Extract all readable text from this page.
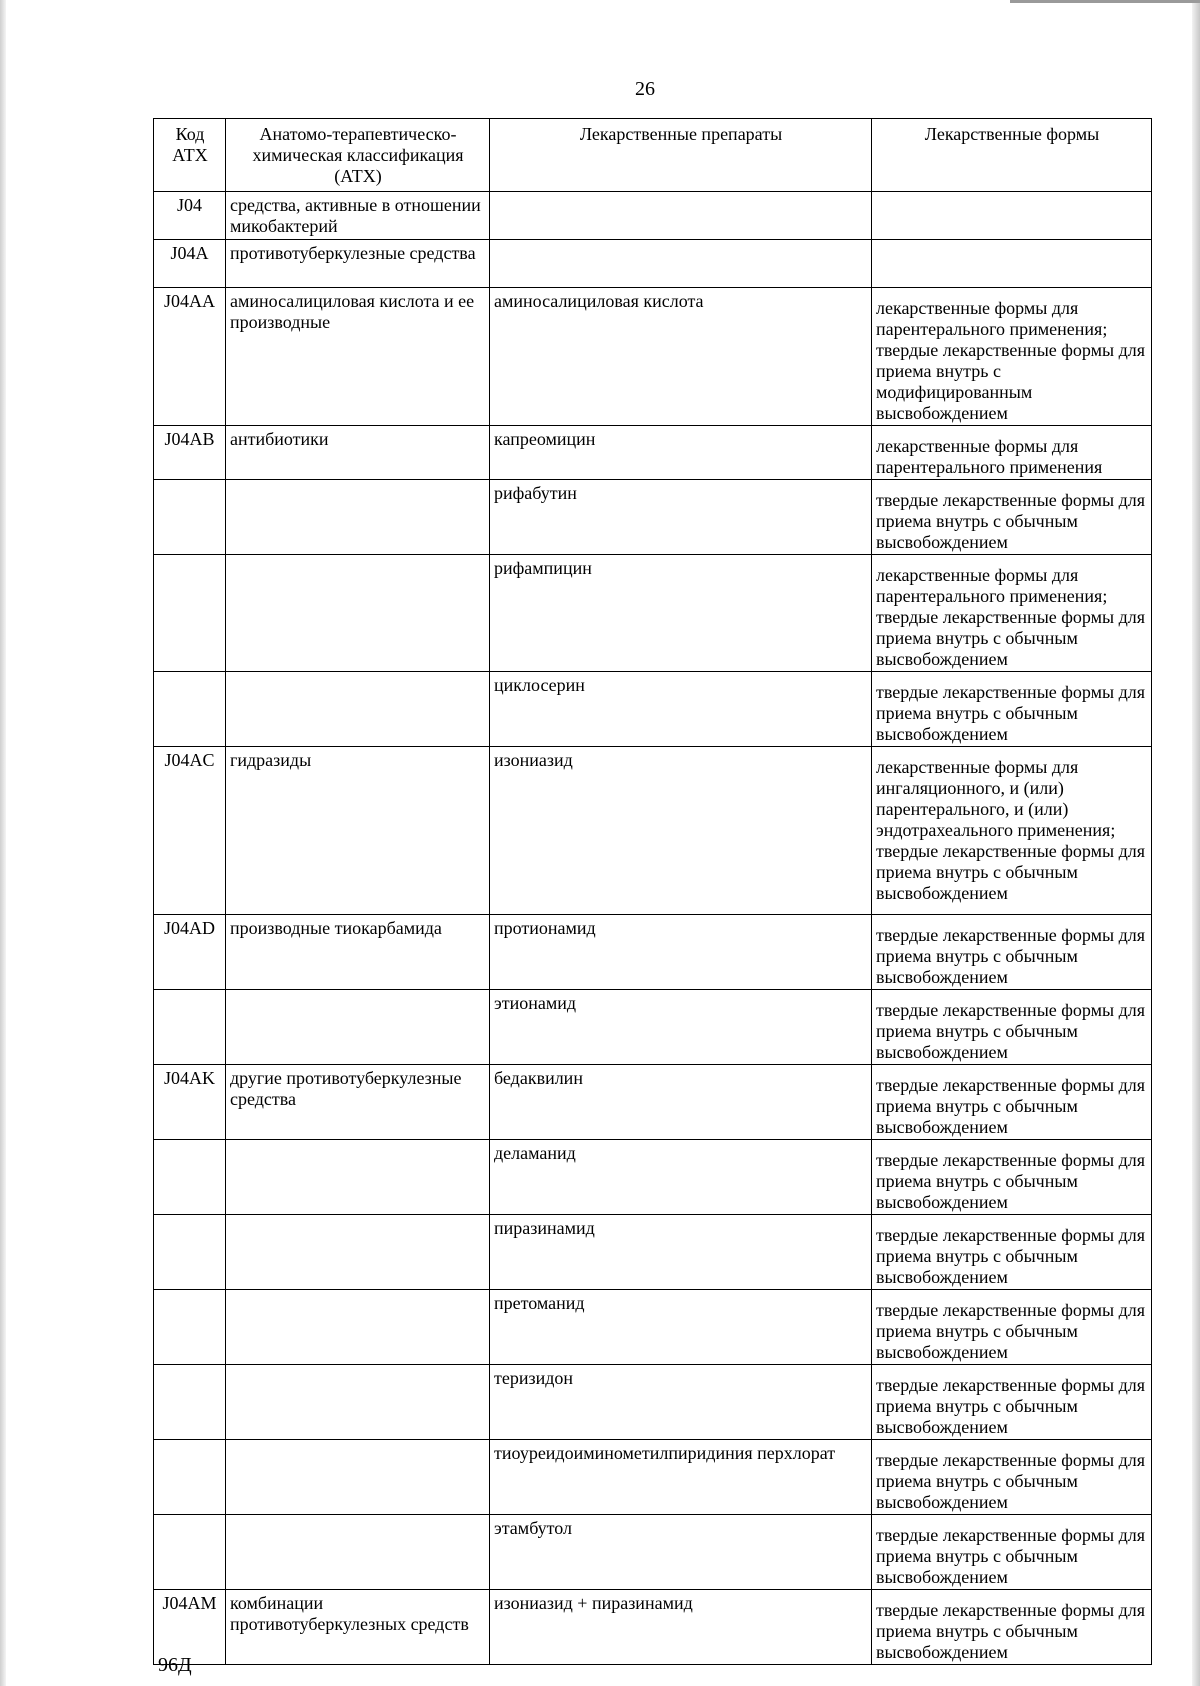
26
Код АТХ	Анатомо-терапевтическо-химическая классификация (АТХ)	Лекарственные препараты	Лекарственные формы
J04	средства, активные в отношении микобактерий		
J04A	противотуберкулезные средства		
J04AA	аминосалициловая кислота и ее производные	аминосалициловая кислота	лекарственные формы для парентерального применения; твердые лекарственные формы для приема внутрь с модифицированным высвобождением
J04AB	антибиотики	капреомицин	лекарственные формы для парентерального применения
		рифабутин	твердые лекарственные формы для приема внутрь с обычным высвобождением
		рифампицин	лекарственные формы для парентерального применения; твердые лекарственные формы для приема внутрь с обычным высвобождением
		циклосерин	твердые лекарственные формы для приема внутрь с обычным высвобождением
J04AC	гидразиды	изониазид	лекарственные формы для ингаляционного, и (или) парентерального, и (или) эндотрахеального применения; твердые лекарственные формы для приема внутрь с обычным высвобождением
J04AD	производные тиокарбамида	протионамид	твердые лекарственные формы для приема внутрь с обычным высвобождением
		этионамид	твердые лекарственные формы для приема внутрь с обычным высвобождением
J04AK	другие противотуберкулезные средства	бедаквилин	твердые лекарственные формы для приема внутрь с обычным высвобождением
		деламанид	твердые лекарственные формы для приема внутрь с обычным высвобождением
		пиразинамид	твердые лекарственные формы для приема внутрь с обычным высвобождением
		претоманид	твердые лекарственные формы для приема внутрь с обычным высвобождением
		теризидон	твердые лекарственные формы для приема внутрь с обычным высвобождением
		тиоуреидоиминометилпиридиния перхлорат	твердые лекарственные формы для приема внутрь с обычным высвобождением
		этамбутол	твердые лекарственные формы для приема внутрь с обычным высвобождением
J04AM	комбинации противотуберкулезных средств	изониазид + пиразинамид	твердые лекарственные формы для приема внутрь с обычным высвобождением
96Д
